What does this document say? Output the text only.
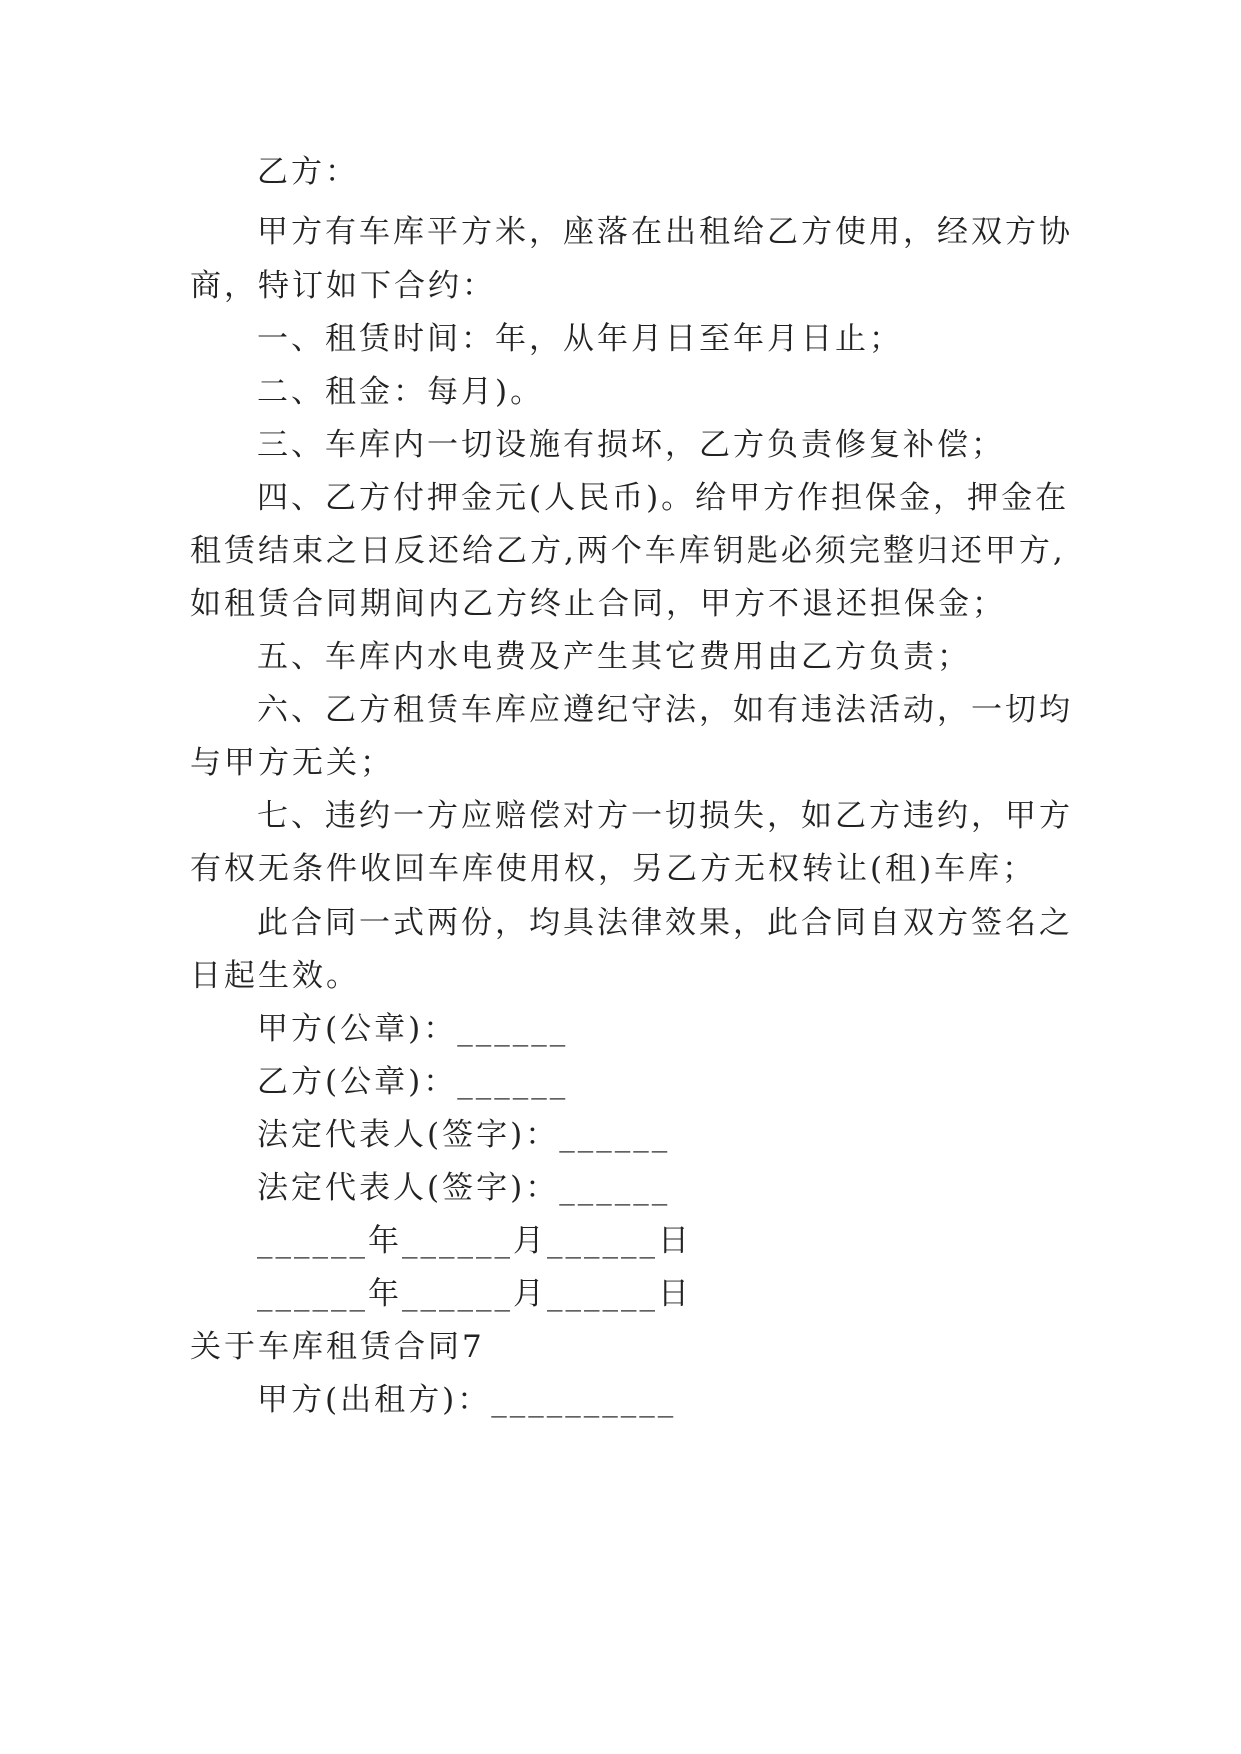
乙方：
甲方有车库平方米，座落在出租给乙方使用，经双方协
商，特订如下合约：
一、租赁时间：年，从年月日至年月日止；
二、租金：每月)。
三、车库内一切设施有损坏，乙方负责修复补偿；
四、乙方付押金元(人民币)。给甲方作担保金，押金在
租赁结束之日反还给乙方,两个车库钥匙必须完整归还甲方,
如租赁合同期间内乙方终止合同，甲方不退还担保金；
五、车库内水电费及产生其它费用由乙方负责；
六、乙方租赁车库应遵纪守法，如有违法活动，一切均
与甲方无关；
七、违约一方应赔偿对方一切损失，如乙方违约，甲方
有权无条件收回车库使用权，另乙方无权转让(租)车库；
此合同一式两份，均具法律效果，此合同自双方签名之
日起生效。
甲方(公章)：______
乙方(公章)：______
法定代表人(签字)：______
法定代表人(签字)：______
______年______月______日
______年______月______日
关于车库租赁合同7
甲方(出租方)：__________
